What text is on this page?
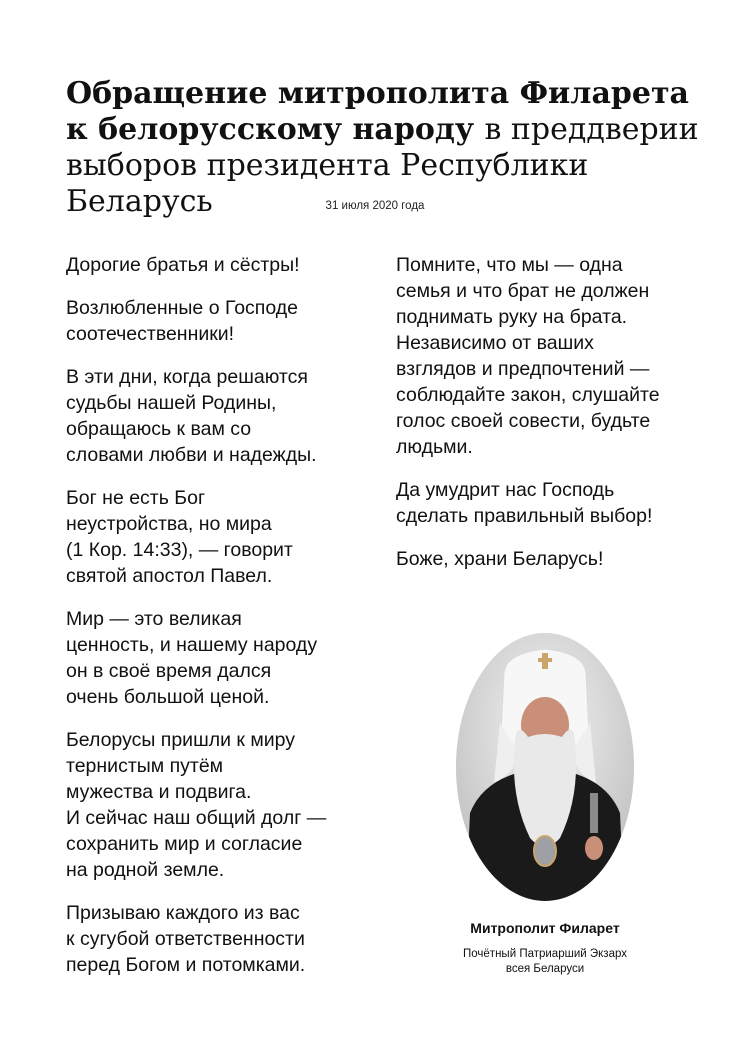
Обращение митрополита Филарета к белорусскому народу в преддверии выборов президента Республики Беларусь	31 июля 2020 года

Дорогие братья и сёстры!

Возлюбленные о Господе
соотечественники!

В эти дни, когда решаются
судьбы нашей Родины,
обращаюсь к вам со
словами любви и надежды.

Бог не есть Бог
неустройства, но мира
(1 Кор. 14:33), — говорит
святой апостол Павел.

Мир — это великая
ценность, и нашему народу
он в своё время дался
очень большой ценой.

Белорусы пришли к миру
тернистым путём
мужества и подвига.
И сейчас наш общий долг —
сохранить мир и согласие
на родной земле.

Призываю каждого из вас
к сугубой ответственности
перед Богом и потомками.

Помните, что мы — одна
семья и что брат не должен
поднимать руку на брата.
Независимо от ваших
взглядов и предпочтений —
соблюдайте закон, слушайте
голос своей совести, будьте
людьми.

Да умудрит нас Господь
сделать правильный выбор!

Боже, храни Беларусь!

Митрополит Филарет
Почётный Патриарший Экзарх
всея Беларуси
